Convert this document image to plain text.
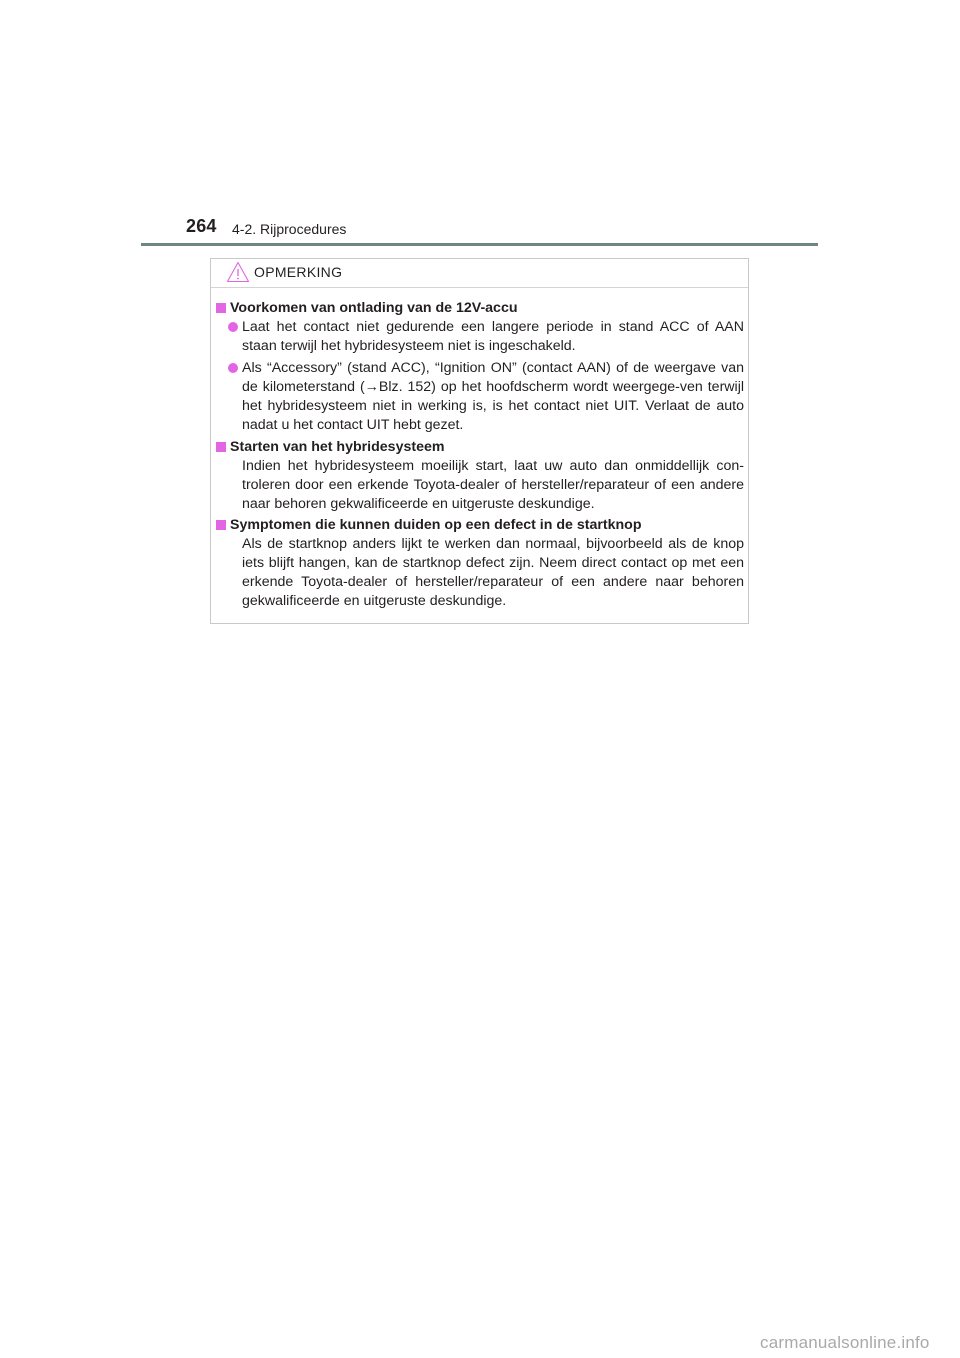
264 4-2. Rijprocedures
OPMERKING
Voorkomen van ontlading van de 12V-accu
Laat het contact niet gedurende een langere periode in stand ACC of AAN staan terwijl het hybridesysteem niet is ingeschakeld.
Als “Accessory” (stand ACC), “Ignition ON” (contact AAN) of de weergave van de kilometerstand (→Blz. 152) op het hoofdscherm wordt weergege-ven terwijl het hybridesysteem niet in werking is, is het contact niet UIT. Verlaat de auto nadat u het contact UIT hebt gezet.
Starten van het hybridesysteem
Indien het hybridesysteem moeilijk start, laat uw auto dan onmiddellijk con-troleren door een erkende Toyota-dealer of hersteller/reparateur of een andere naar behoren gekwalificeerde en uitgeruste deskundige.
Symptomen die kunnen duiden op een defect in de startknop
Als de startknop anders lijkt te werken dan normaal, bijvoorbeeld als de knop iets blijft hangen, kan de startknop defect zijn. Neem direct contact op met een erkende Toyota-dealer of hersteller/reparateur of een andere naar behoren gekwalificeerde en uitgeruste deskundige.
carmanualsonline.info
